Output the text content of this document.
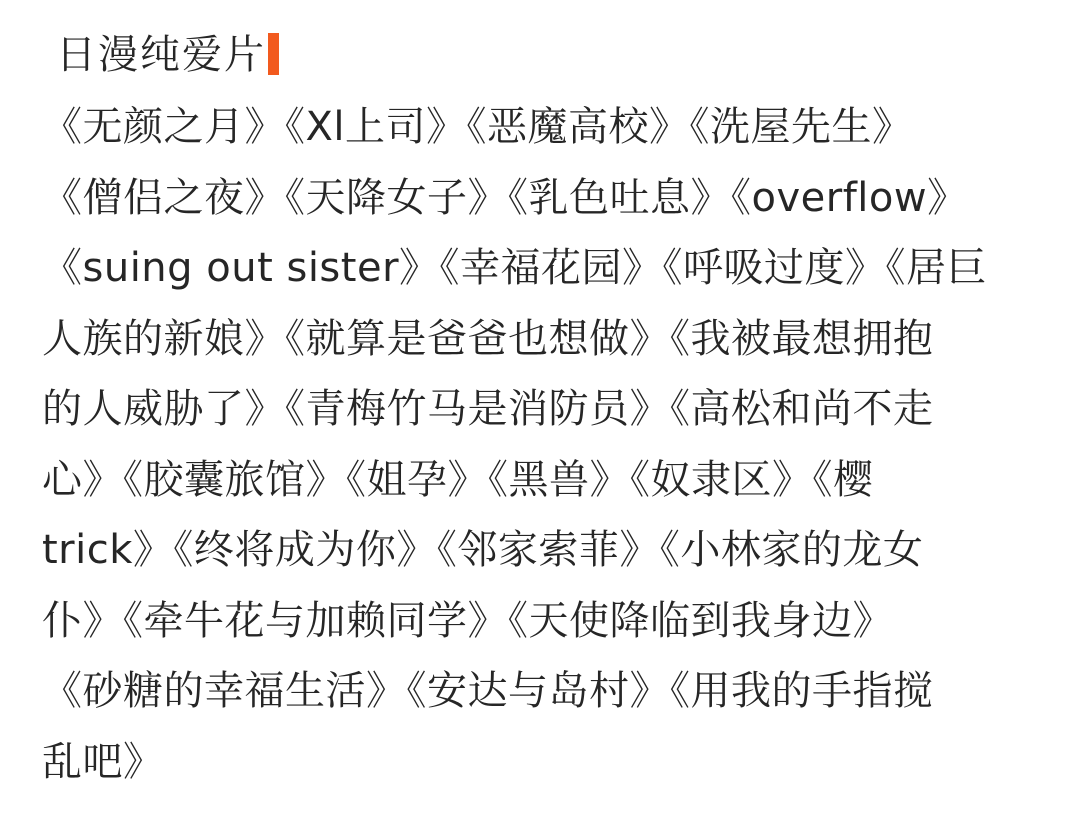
日漫纯爱片
《无颜之月》《Xl上司》《恶魔高校》《洗屋先生》
《僧侣之夜》《天降女子》《乳色吐息》《overflow》
《suing out sister》《幸福花园》《呼吸过度》《居巨
人族的新娘》《就算是爸爸也想做》《我被最想拥抱
的人威胁了》《青梅竹马是消防员》《高松和尚不走
心》《胶囊旅馆》《姐孕》《黑兽》《奴隶区》《樱
trick》《终将成为你》《邻家索菲》《小林家的龙女
仆》《牵牛花与加赖同学》《天使降临到我身边》
《砂糖的幸福生活》《安达与岛村》《用我的手指搅
乱吧》
